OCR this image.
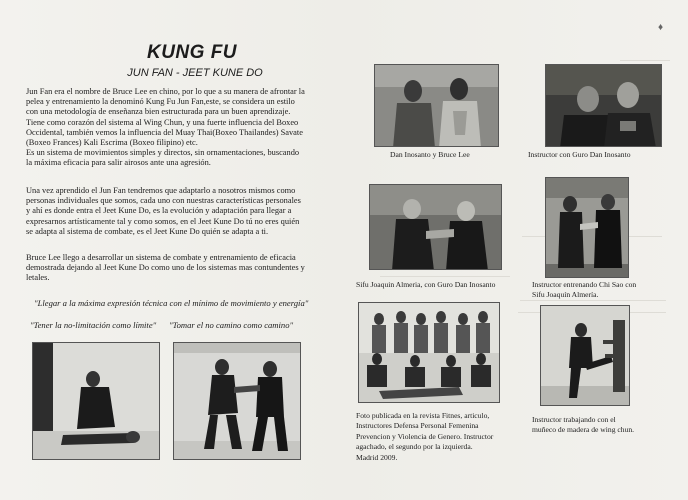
♦
KUNG FU
JUN FAN - JEET KUNE DO
Jun Fan era el nombre de Bruce Lee en chino, por lo que a su manera de afrontar la
pelea y entrenamiento la denominó Kung Fu Jun Fan,este, se considera un estilo
con una metodología de enseñanza bien estructurada para un buen aprendizaje.
Tiene como corazón del sistema al Wing Chun, y una fuerte influencia del Boxeo
Occidental, también vemos la influencia del Muay Thai(Boxeo Thailandes) Savate
(Boxeo Frances) Kali Escrima (Boxeo filipino) etc.
Es un sistema de movimientos simples y directos, sin ornamentaciones, buscando
la máxima eficacia para salir airosos ante una agresión.
Una vez aprendido el Jun Fan tendremos que adaptarlo a nosotros mismos como
personas individuales que somos, cada uno con nuestras características personales
y ahí es donde entra el Jeet Kune Do, es la evolución y adaptación para llegar a
expresarnos artísticamente tal y como somos, en el Jeet Kune Do tú no eres quién
se adapta al sistema de combate, es el Jeet Kune Do quién se adapta a ti.
Bruce Lee llego a desarrollar un sistema de combate y entrenamiento de eficacia
demostrada dejando al Jeet Kune Do como uno de los sistemas mas contundentes y
letales.
"Llegar a la máxima expresión técnica con el mínimo de movimiento y energía"
"Tener la no-limitación como límite" "Tomar el no camino como camino"
Dan Inosanto y Bruce Lee	Instructor con Guro Dan Inosanto
Sifu Joaquin Almeria, con Guro Dan Inosanto	Instructor entrenando Chi Sao con
Sifu Joaquín Almería.
Foto publicada en la revista Fitnes, articulo,
Instructores Defensa Personal Femenina
Prevencion y Violencia de Genero. Instructor
agachado, el segundo por la izquierda.
Madrid 2009.
Instructor trabajando con el
muñeco de madera de wing chun.
